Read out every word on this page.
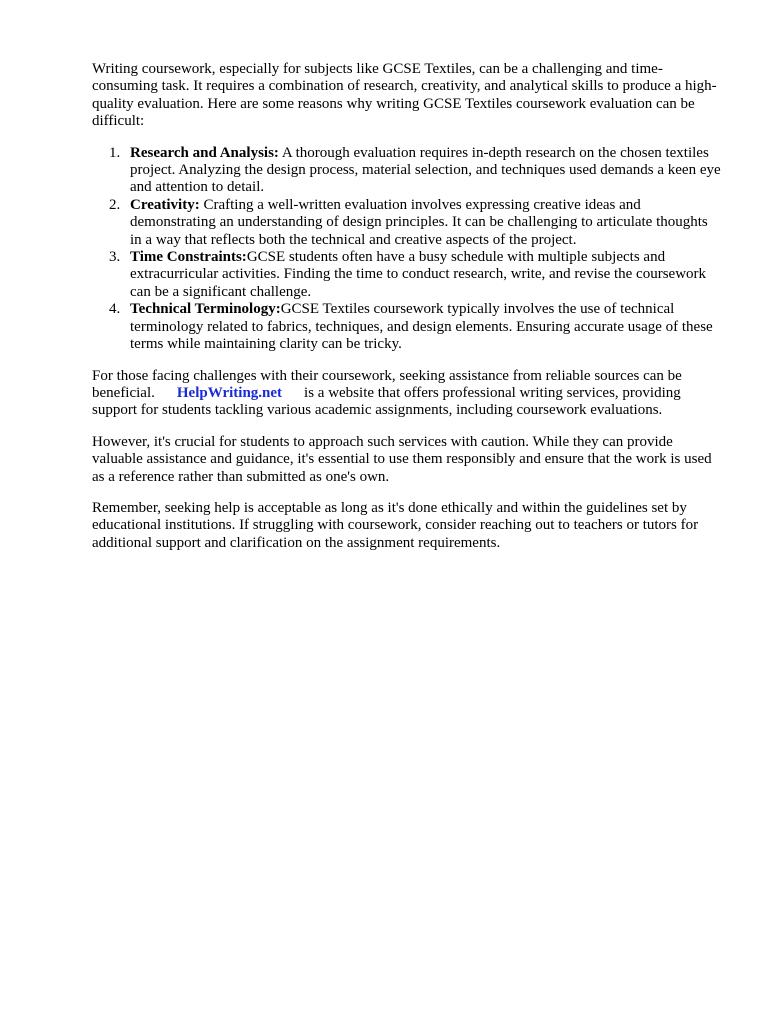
Writing coursework, especially for subjects like GCSE Textiles, can be a challenging and time-consuming task. It requires a combination of research, creativity, and analytical skills to produce a high-quality evaluation. Here are some reasons why writing GCSE Textiles coursework evaluation can be difficult:

1. Research and Analysis: A thorough evaluation requires in-depth research on the chosen textiles project. Analyzing the design process, material selection, and techniques used demands a keen eye and attention to detail.
2. Creativity: Crafting a well-written evaluation involves expressing creative ideas and demonstrating an understanding of design principles. It can be challenging to articulate thoughts in a way that reflects both the technical and creative aspects of the project.
3. Time Constraints:GCSE students often have a busy schedule with multiple subjects and extracurricular activities. Finding the time to conduct research, write, and revise the coursework can be a significant challenge.
4. Technical Terminology:GCSE Textiles coursework typically involves the use of technical terminology related to fabrics, techniques, and design elements. Ensuring accurate usage of these terms while maintaining clarity can be tricky.

For those facing challenges with their coursework, seeking assistance from reliable sources can be beneficial. HelpWriting.net is a website that offers professional writing services, providing support for students tackling various academic assignments, including coursework evaluations.

However, it's crucial for students to approach such services with caution. While they can provide valuable assistance and guidance, it's essential to use them responsibly and ensure that the work is used as a reference rather than submitted as one's own.

Remember, seeking help is acceptable as long as it's done ethically and within the guidelines set by educational institutions. If struggling with coursework, consider reaching out to teachers or tutors for additional support and clarification on the assignment requirements.
